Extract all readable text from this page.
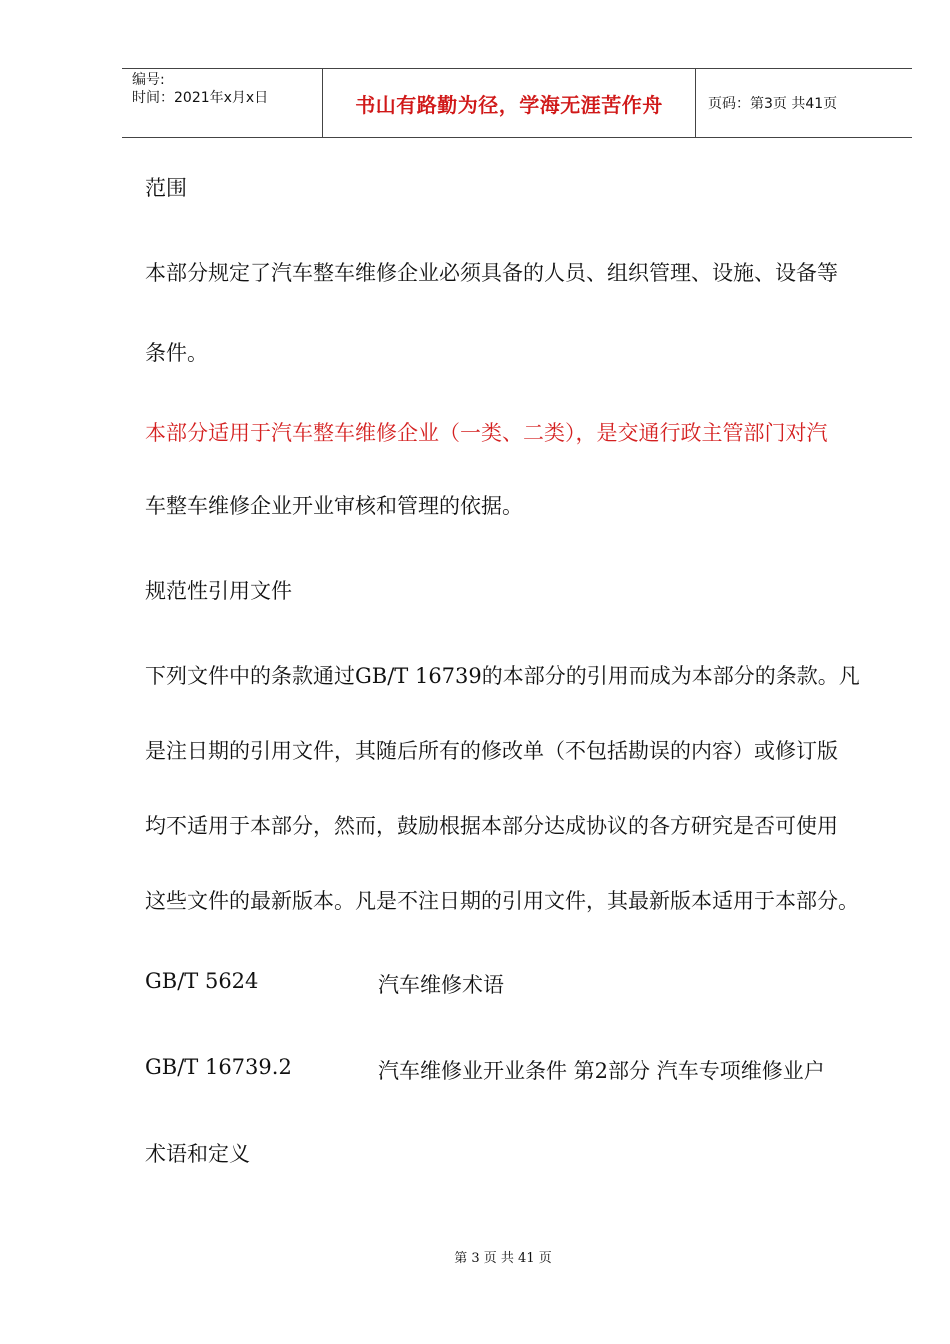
编号:
时间：2021年x月x日	书山有路勤为径，学海无涯苦作舟	页码：第3页 共41页
范围
本部分规定了汽车整车维修企业必须具备的人员、组织管理、设施、设备等
条件。
本部分适用于汽车整车维修企业（一类、二类），是交通行政主管部门对汽
车整车维修企业开业审核和管理的依据。
规范性引用文件
下列文件中的条款通过GB/T 16739的本部分的引用而成为本部分的条款。凡
是注日期的引用文件，其随后所有的修改单（不包括勘误的内容）或修订版
均不适用于本部分，然而，鼓励根据本部分达成协议的各方研究是否可使用
这些文件的最新版本。凡是不注日期的引用文件，其最新版本适用于本部分。
GB/T 5624	汽车维修术语
GB/T 16739.2	汽车维修业开业条件 第2部分 汽车专项维修业户
术语和定义
第 3 页 共 41 页
